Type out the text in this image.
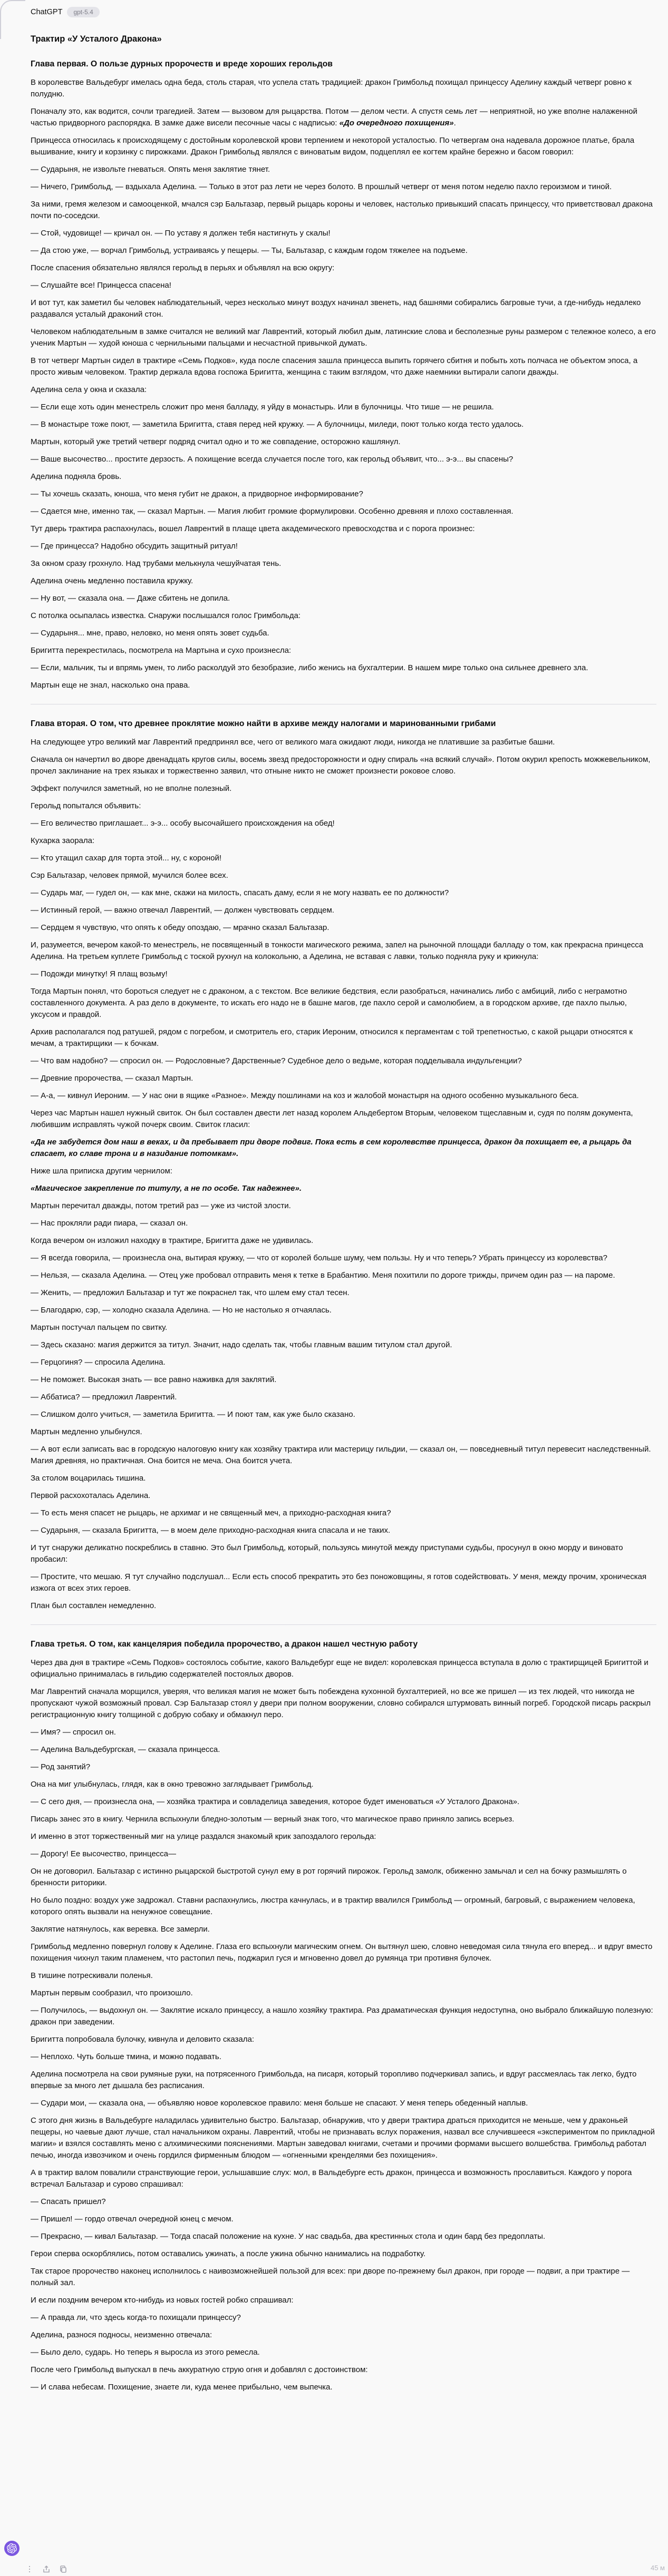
ChatGPT	gpt-5.4
Трактир «У Усталого Дракона»
Глава первая. О пользе дурных пророчеств и вреде хороших герольдов

В королевстве Вальдебург имелась одна беда, столь старая, что успела стать традицией: дракон Гримбольд похищал принцессу Аделину каждый четверг ровно к полудню.

Поначалу это, как водится, сочли трагедией. Затем — вызовом для рыцарства. Потом — делом чести. А спустя семь лет — неприятной, но уже вполне налаженной частью придворного распорядка. В замке даже висели песочные часы с надписью: «До очередного похищения».

Принцесса относилась к происходящему с достойным королевской крови терпением и некоторой усталостью. По четвергам она надевала дорожное платье, брала вышивание, книгу и корзинку с пирожками. Дракон Гримбольд являлся с виноватым видом, подцеплял ее когтем крайне бережно и басом говорил:

— Сударыня, не извольте гневаться. Опять меня заклятие тянет.

— Ничего, Гримбольд, — вздыхала Аделина. — Только в этот раз лети не через болото. В прошлый четверг от меня потом неделю пахло героизмом и тиной.

За ними, гремя железом и самооценкой, мчался сэр Бальтазар, первый рыцарь короны и человек, настолько привыкший спасать принцессу, что приветствовал дракона почти по-соседски.

— Стой, чудовище! — кричал он. — По уставу я должен тебя настигнуть у скалы!

— Да стою уже, — ворчал Гримбольд, устраиваясь у пещеры. — Ты, Бальтазар, с каждым годом тяжелее на подъеме.

После спасения обязательно являлся герольд в перьях и объявлял на всю округу:

— Слушайте все! Принцесса спасена!

И вот тут, как заметил бы человек наблюдательный, через несколько минут воздух начинал звенеть, над башнями собирались багровые тучи, а где-нибудь недалеко раздавался усталый драконий стон.

Человеком наблюдательным в замке считался не великий маг Лаврентий, который любил дым, латинские слова и бесполезные руны размером с тележное колесо, а его ученик Мартын — худой юноша с чернильными пальцами и несчастной привычкой думать.

В тот четверг Мартын сидел в трактире «Семь Подков», куда после спасения зашла принцесса выпить горячего сбитня и побыть хоть полчаса не объектом эпоса, а просто живым человеком. Трактир держала вдова госпожа Бригитта, женщина с таким взглядом, что даже наемники вытирали сапоги дважды.

Аделина села у окна и сказала:

— Если еще хоть один менестрель сложит про меня балладу, я уйду в монастырь. Или в булочницы. Что тише — не решила.

— В монастыре тоже поют, — заметила Бригитта, ставя перед ней кружку. — А булочницы, миледи, поют только когда тесто удалось.

Мартын, который уже третий четверг подряд считал одно и то же совпадение, осторожно кашлянул.

— Ваше высочество... простите дерзость. А похищение всегда случается после того, как герольд объявит, что... э-э... вы спасены?

Аделина подняла бровь.

— Ты хочешь сказать, юноша, что меня губит не дракон, а придворное информирование?

— Сдается мне, именно так, — сказал Мартын. — Магия любит громкие формулировки. Особенно древняя и плохо составленная.

Тут дверь трактира распахнулась, вошел Лаврентий в плаще цвета академического превосходства и с порога произнес:

— Где принцесса? Надобно обсудить защитный ритуал!

За окном сразу грохнуло. Над трубами мелькнула чешуйчатая тень.

Аделина очень медленно поставила кружку.

— Ну вот, — сказала она. — Даже сбитень не допила.

С потолка осыпалась известка. Снаружи послышался голос Гримбольда:

— Сударыня... мне, право, неловко, но меня опять зовет судьба.

Бригитта перекрестилась, посмотрела на Мартына и сухо произнесла:

— Если, мальчик, ты и впрямь умен, то либо расколдуй это безобразие, либо женись на бухгалтерии. В нашем мире только она сильнее древнего зла.

Мартын еще не знал, насколько она права.

Глава вторая. О том, что древнее проклятие можно найти в архиве между налогами и маринованными грибами

На следующее утро великий маг Лаврентий предпринял все, чего от великого мага ожидают люди, никогда не платившие за разбитые башни.

Сначала он начертил во дворе двенадцать кругов силы, восемь звезд предосторожности и одну спираль «на всякий случай». Потом окурил крепость можжевельником, прочел заклинание на трех языках и торжественно заявил, что отныне никто не сможет произнести роковое слово.

Эффект получился заметный, но не вполне полезный.

Герольд попытался объявить:

— Его величество приглашает... э-э... особу высочайшего происхождения на обед!

Кухарка заорала:

— Кто утащил сахар для торта этой... ну, с короной!

Сэр Бальтазар, человек прямой, мучился более всех.

— Сударь маг, — гудел он, — как мне, скажи на милость, спасать даму, если я не могу назвать ее по должности?

— Истинный герой, — важно отвечал Лаврентий, — должен чувствовать сердцем.

— Сердцем я чувствую, что опять к обеду опоздаю, — мрачно сказал Бальтазар.

И, разумеется, вечером какой-то менестрель, не посвященный в тонкости магического режима, запел на рыночной площади балладу о том, как прекрасна принцесса Аделина. На третьем куплете Гримбольд с тоской рухнул на колокольню, а Аделина, не вставая с лавки, только подняла руку и крикнула:

— Подожди минутку! Я плащ возьму!

Тогда Мартын понял, что бороться следует не с драконом, а с текстом. Все великие бедствия, если разобраться, начинались либо с амбиций, либо с неграмотно составленного документа. А раз дело в документе, то искать его надо не в башне магов, где пахло серой и самолюбием, а в городском архиве, где пахло пылью, уксусом и правдой.

Архив располагался под ратушей, рядом с погребом, и смотритель его, старик Иероним, относился к пергаментам с той трепетностью, с какой рыцари относятся к мечам, а трактирщики — к бочкам.

— Что вам надобно? — спросил он. — Родословные? Дарственные? Судебное дело о ведьме, которая подделывала индульгенции?

— Древние пророчества, — сказал Мартын.

— А-а, — кивнул Иероним. — У нас они в ящике «Разное». Между пошлинами на коз и жалобой монастыря на одного особенно музыкального беса.

Через час Мартын нашел нужный свиток. Он был составлен двести лет назад королем Альдебертом Вторым, человеком тщеславным и, судя по полям документа, любившим исправлять чужой почерк своим. Свиток гласил:

«Да не забудется дом наш в веках, и да пребывает при дворе подвиг. Пока есть в сем королевстве принцесса, дракон да похищает ее, а рыцарь да спасает, ко славе трона и в назидание потомкам».

Ниже шла приписка другим чернилом:

«Магическое закрепление по титулу, а не по особе. Так надежнее».

Мартын перечитал дважды, потом третий раз — уже из чистой злости.

— Нас прокляли ради пиара, — сказал он.

Когда вечером он изложил находку в трактире, Бригитта даже не удивилась.

— Я всегда говорила, — произнесла она, вытирая кружку, — что от королей больше шуму, чем пользы. Ну и что теперь? Убрать принцессу из королевства?

— Нельзя, — сказала Аделина. — Отец уже пробовал отправить меня к тетке в Брабантию. Меня похитили по дороге трижды, причем один раз — на пароме.

— Женить, — предложил Бальтазар и тут же покраснел так, что шлем ему стал тесен.

— Благодарю, сэр, — холодно сказала Аделина. — Но не настолько я отчаялась.

Мартын постучал пальцем по свитку.

— Здесь сказано: магия держится за титул. Значит, надо сделать так, чтобы главным вашим титулом стал другой.

— Герцогиня? — спросила Аделина.

— Не поможет. Высокая знать — все равно наживка для заклятий.

— Аббатиса? — предложил Лаврентий.

— Слишком долго учиться, — заметила Бригитта. — И поют там, как уже было сказано.

Мартын медленно улыбнулся.

— А вот если записать вас в городскую налоговую книгу как хозяйку трактира или мастерицу гильдии, — сказал он, — повседневный титул перевесит наследственный. Магия древняя, но практичная. Она боится не меча. Она боится учета.

За столом воцарилась тишина.

Первой расхохоталась Аделина.

— То есть меня спасет не рыцарь, не архимаг и не священный меч, а приходно-расходная книга?

— Сударыня, — сказала Бригитта, — в моем деле приходно-расходная книга спасала и не таких.

И тут снаружи деликатно поскреблись в ставню. Это был Гримбольд, который, пользуясь минутой между приступами судьбы, просунул в окно морду и виновато пробасил:

— Простите, что мешаю. Я тут случайно подслушал... Если есть способ прекратить это без поножовщины, я готов содействовать. У меня, между прочим, хроническая изжога от всех этих героев.

План был составлен немедленно.

Глава третья. О том, как канцелярия победила пророчество, а дракон нашел честную работу

Через два дня в трактире «Семь Подков» состоялось событие, какого Вальдебург еще не видел: королевская принцесса вступала в долю с трактирщицей Бригиттой и официально принималась в гильдию содержателей постоялых дворов.

Маг Лаврентий сначала морщился, уверяя, что великая магия не может быть побеждена кухонной бухгалтерией, но все же пришел — из тех людей, что никогда не пропускают чужой возможный провал. Сэр Бальтазар стоял у двери при полном вооружении, словно собирался штурмовать винный погреб. Городской писарь раскрыл регистрационную книгу толщиной с добрую собаку и обмакнул перо.

— Имя? — спросил он.

— Аделина Вальдебургская, — сказала принцесса.

— Род занятий?

Она на миг улыбнулась, глядя, как в окно тревожно заглядывает Гримбольд.

— С сего дня, — произнесла она, — хозяйка трактира и совладелица заведения, которое будет именоваться «У Усталого Дракона».

Писарь занес это в книгу. Чернила вспыхнули бледно-золотым — верный знак того, что магическое право приняло запись всерьез.

И именно в этот торжественный миг на улице раздался знакомый крик запоздалого герольда:

— Дорогу! Ее высочество, принцесса—

Он не договорил. Бальтазар с истинно рыцарской быстротой сунул ему в рот горячий пирожок. Герольд замолк, обиженно замычал и сел на бочку размышлять о бренности риторики.

Но было поздно: воздух уже задрожал. Ставни распахнулись, люстра качнулась, и в трактир ввалился Гримбольд — огромный, багровый, с выражением человека, которого опять вызвали на ненужное совещание.

Заклятие натянулось, как веревка. Все замерли.

Гримбольд медленно повернул голову к Аделине. Глаза его вспыхнули магическим огнем. Он вытянул шею, словно неведомая сила тянула его вперед... и вдруг вместо похищения чихнул таким пламенем, что растопил печь, поджарил гуся и мгновенно довел до румянца три противня булочек.

В тишине потрескивали поленья.

Мартын первым сообразил, что произошло.

— Получилось, — выдохнул он. — Заклятие искало принцессу, а нашло хозяйку трактира. Раз драматическая функция недоступна, оно выбрало ближайшую полезную: дракон при заведении.

Бригитта попробовала булочку, кивнула и деловито сказала:

— Неплохо. Чуть больше тмина, и можно подавать.

Аделина посмотрела на свои румяные руки, на потрясенного Гримбольда, на писаря, который торопливо подчеркивал запись, и вдруг рассмеялась так легко, будто впервые за много лет дышала без расписания.

— Судари мои, — сказала она, — объявляю новое королевское правило: меня больше не спасают. У меня теперь обеденный наплыв.

С этого дня жизнь в Вальдебурге наладилась удивительно быстро. Бальтазар, обнаружив, что у двери трактира драться приходится не меньше, чем у драконьей пещеры, но чаевые дают лучше, стал начальником охраны. Лаврентий, чтобы не признавать вслух поражения, назвал все случившееся «экспериментом по прикладной магии» и взялся составлять меню с алхимическими пояснениями. Мартын заведовал книгами, счетами и прочими формами высшего волшебства. Гримбольд работал печью, иногда извозчиком и очень гордился фирменным блюдом — «огненными кренделями без похищения».

А в трактир валом повалили странствующие герои, услышавшие слух: мол, в Вальдебурге есть дракон, принцесса и возможность прославиться. Каждого у порога встречал Бальтазар и сурово спрашивал:

— Спасать пришел?

— Пришел! — гордо отвечал очередной юнец с мечом.

— Прекрасно, — кивал Бальтазар. — Тогда спасай положение на кухне. У нас свадьба, два крестинных стола и один бард без предоплаты.

Герои сперва оскорблялись, потом оставались ужинать, а после ужина обычно нанимались на подработку.

Так старое пророчество наконец исполнилось с наивозможнейшей пользой для всех: при дворе по-прежнему был дракон, при городе — подвиг, а при трактире — полный зал.

И если поздним вечером кто-нибудь из новых гостей робко спрашивал:

— А правда ли, что здесь когда-то похищали принцессу?

Аделина, разнося подносы, неизменно отвечала:

— Было дело, сударь. Но теперь я выросла из этого ремесла.

После чего Гримбольд выпускал в печь аккуратную струю огня и добавлял с достоинством:

— И слава небесам. Похищение, знаете ли, куда менее прибыльно, чем выпечка.

45 м
